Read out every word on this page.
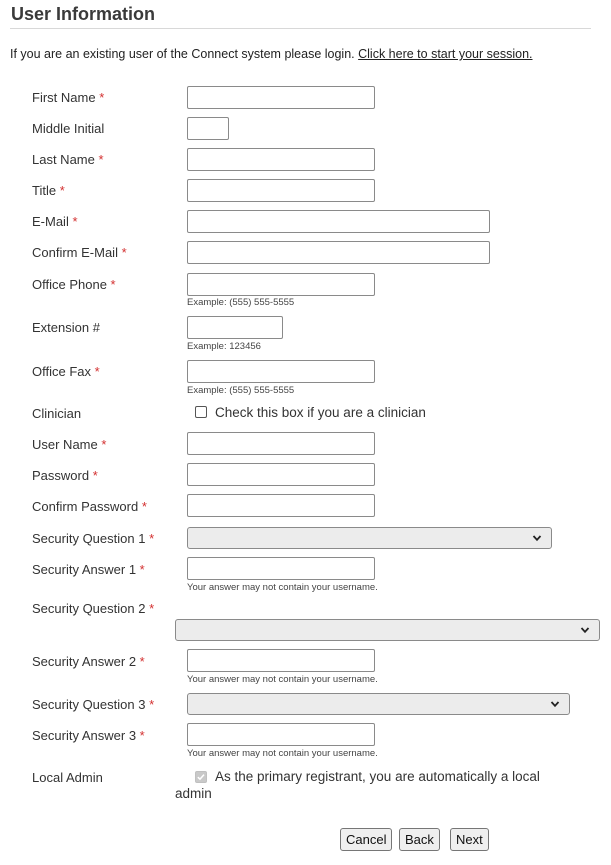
User Information
If you are an existing user of the Connect system please login. Click here to start your session.
First Name *
Middle Initial
Last Name *
Title *
E-Mail *
Confirm E-Mail *
Office Phone *
Example: (555) 555-5555
Extension #
Example: 123456
Office Fax *
Example: (555) 555-5555
Clinician	Check this box if you are a clinician
User Name *
Password *
Confirm Password *
Security Question 1 *
Security Answer 1 *
Your answer may not contain your username.
Security Question 2 *
Security Answer 2 *
Your answer may not contain your username.
Security Question 3 *
Security Answer 3 *
Your answer may not contain your username.
Local Admin	As the primary registrant, you are automatically a local
admin
Cancel	Back	Next
